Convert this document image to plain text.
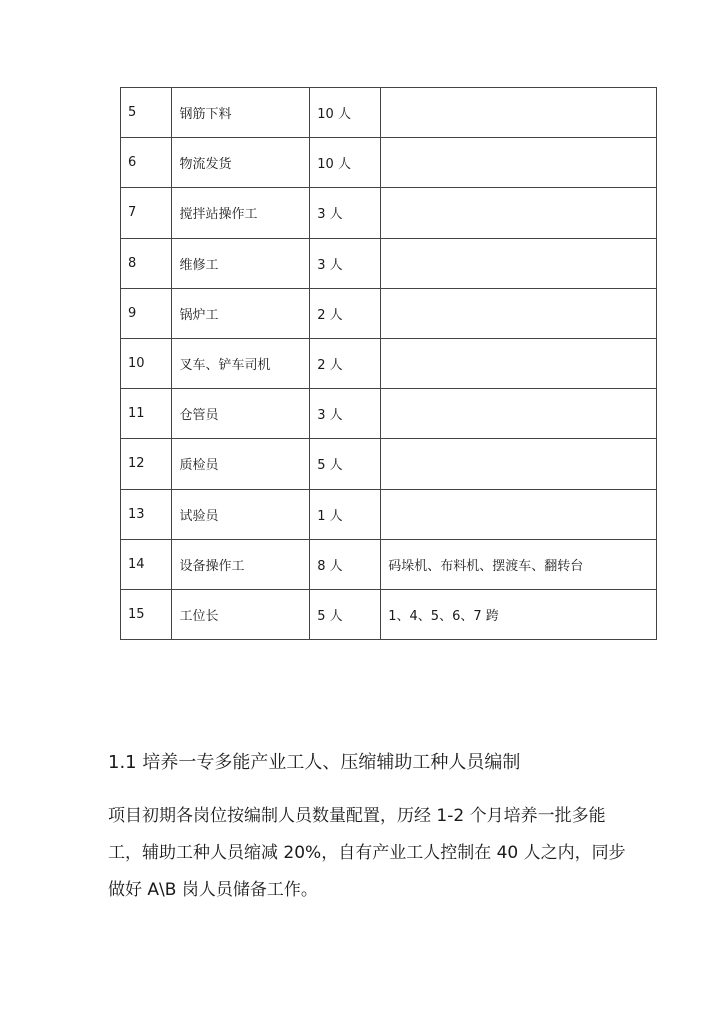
5	钢筋下料	10 人	
6	物流发货	10 人	
7	搅拌站操作工	3 人	
8	维修工	3 人	
9	锅炉工	2 人	
10	叉车、铲车司机	2 人	
11	仓管员	3 人	
12	质检员	5 人	
13	试验员	1 人	
14	设备操作工	8 人	码垛机、布料机、摆渡车、翻转台
15	工位长	5 人	1、4、5、6、7 跨
1.1 培养一专多能产业工人、压缩辅助工种人员编制

项目初期各岗位按编制人员数量配置，历经 1-2 个月培养一批多能工，辅助工种人员缩减 20%，自有产业工人控制在 40 人之内，同步做好 A\B 岗人员储备工作。
